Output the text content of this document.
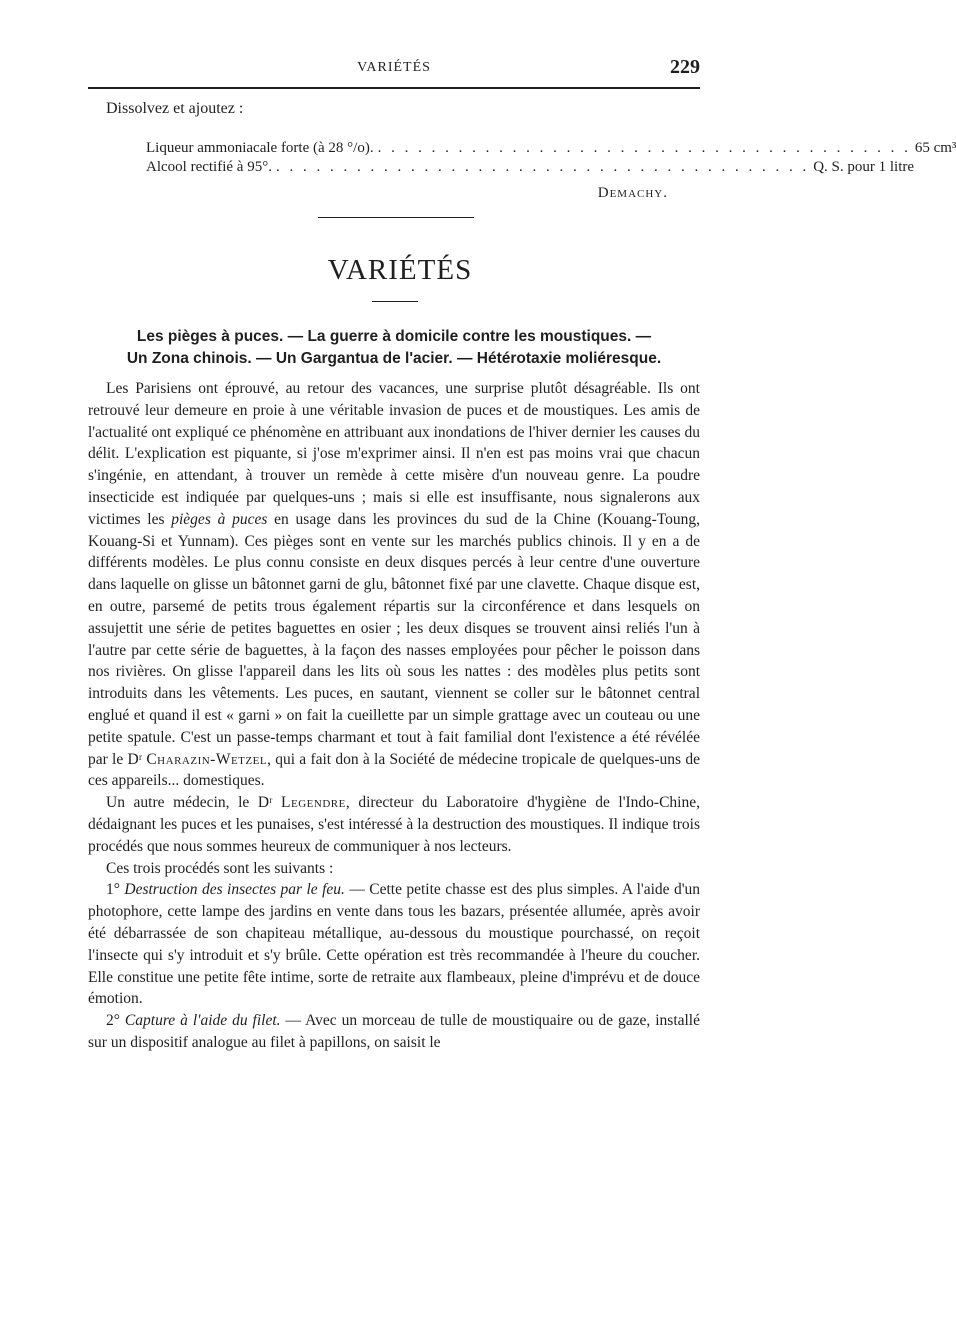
VARIÉTÉS	229
Dissolvez et ajoutez :
Liqueur ammoniacale forte (à 28 °/o). . . . . . . . . . . . . . . . . . . . . . . . . . . . . . . . . . . . . . . . . 65 cm³
Alcool rectifié à 95°. . . . . . . . . . . . . . . . . . . . . . . . . . . . . . . . . . . . . . . . . Q. S. pour 1 litre
Demachy.
VARIÉTÉS
Les pièges à puces. — La guerre à domicile contre les moustiques. —
Un Zona chinois. — Un Gargantua de l'acier. — Hétérotaxie moliéresque.

Les Parisiens ont éprouvé, au retour des vacances, une surprise plutôt désagréable. Ils ont retrouvé leur demeure en proie à une véritable invasion de puces et de moustiques. Les amis de l'actualité ont expliqué ce phénomène en attribuant aux inondations de l'hiver dernier les causes du délit. L'explication est piquante, si j'ose m'exprimer ainsi. Il n'en est pas moins vrai que chacun s'ingénie, en attendant, à trouver un remède à cette misère d'un nouveau genre. La poudre insecticide est indiquée par quelques-uns ; mais si elle est insuffisante, nous signalerons aux victimes les pièges à puces en usage dans les provinces du sud de la Chine (Kouang-Toung, Kouang-Si et Yunnam). Ces pièges sont en vente sur les marchés publics chinois. Il y en a de différents modèles. Le plus connu consiste en deux disques percés à leur centre d'une ouverture dans laquelle on glisse un bâtonnet garni de glu, bâtonnet fixé par une clavette. Chaque disque est, en outre, parsemé de petits trous également répartis sur la circonférence et dans lesquels on assujettit une série de petites baguettes en osier ; les deux disques se trouvent ainsi reliés l'un à l'autre par cette série de baguettes, à la façon des nasses employées pour pêcher le poisson dans nos rivières. On glisse l'appareil dans les lits où sous les nattes : des modèles plus petits sont introduits dans les vêtements. Les puces, en sautant, viennent se coller sur le bâtonnet central englué et quand il est « garni » on fait la cueillette par un simple grattage avec un couteau ou une petite spatule. C'est un passe-temps charmant et tout à fait familial dont l'existence a été révélée par le Dʳ Charazin-Wetzel, qui a fait don à la Société de médecine tropicale de quelques-uns de ces appareils... domestiques.

Un autre médecin, le Dʳ Legendre, directeur du Laboratoire d'hygiène de l'Indo-Chine, dédaignant les puces et les punaises, s'est intéressé à la destruction des moustiques. Il indique trois procédés que nous sommes heureux de communiquer à nos lecteurs.

Ces trois procédés sont les suivants :

1° Destruction des insectes par le feu. — Cette petite chasse est des plus simples. A l'aide d'un photophore, cette lampe des jardins en vente dans tous les bazars, présentée allumée, après avoir été débarrassée de son chapiteau métallique, au-dessous du moustique pourchassé, on reçoit l'insecte qui s'y introduit et s'y brûle. Cette opération est très recommandée à l'heure du coucher. Elle constitue une petite fête intime, sorte de retraite aux flambeaux, pleine d'imprévu et de douce émotion.

2° Capture à l'aide du filet. — Avec un morceau de tulle de moustiquaire ou de gaze, installé sur un dispositif analogue au filet à papillons, on saisit le
